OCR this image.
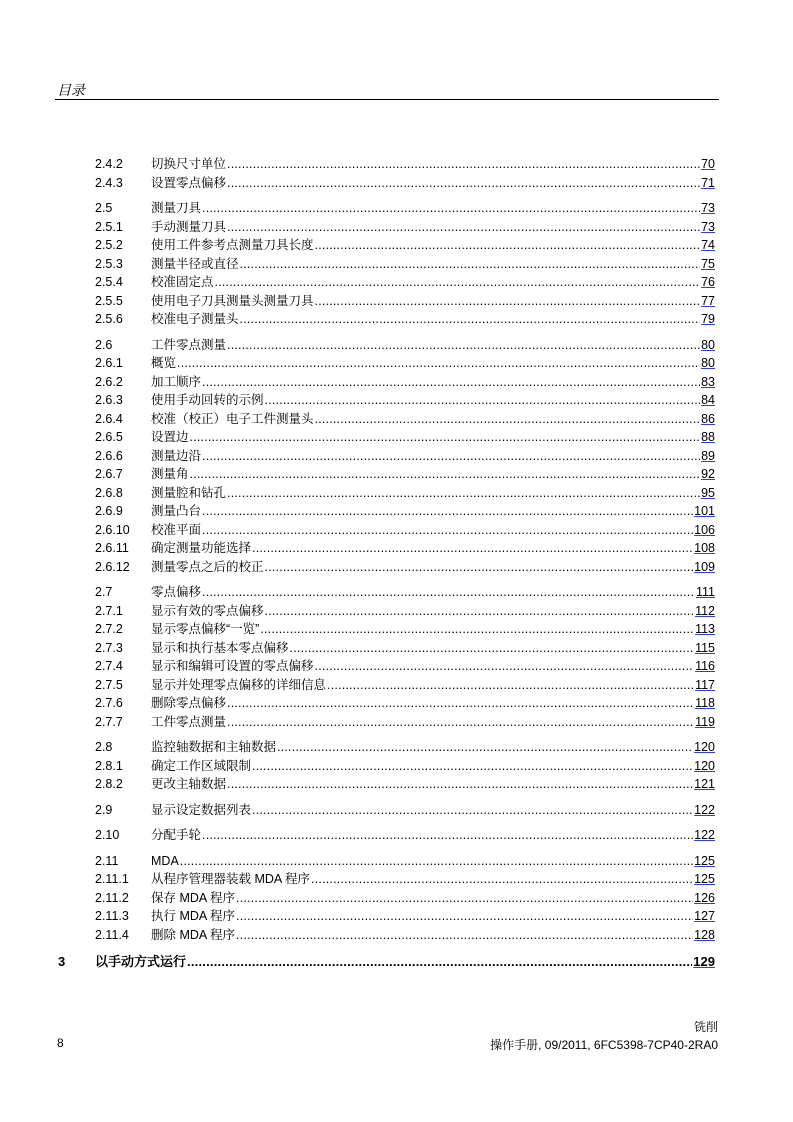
目录
2.4.2 切换尺寸单位 .....	70
2.4.3 设置零点偏移 .....	71
2.5	测量刀具 .....	73
2.5.1 手动测量刀具 .....	73
2.5.2 使用工件参考点测量刀具长度 .....	74
2.5.3 测量半径或直径 .....	75
2.5.4 校准固定点 .....	76
2.5.5 使用电子刀具测量头测量刀具 .....	77
2.5.6 校准电子测量头 .....	79
2.6	工件零点测量 .....	80
2.6.1 概览 .....	80
2.6.2 加工顺序 .....	83
2.6.3 使用手动回转的示例 .....	84
2.6.4 校准（校正）电子工件测量头 .....	86
2.6.5 设置边 .....	88
2.6.6 测量边沿 .....	89
2.6.7 测量角 .....	92
2.6.8 测量腔和钻孔 .....	95
2.6.9 测量凸台 .....	101
2.6.10 校准平面 .....	106
2.6.11 确定测量功能选择 .....	108
2.6.12 测量零点之后的校正 .....	109
2.7	零点偏移 .....	111
2.7.1 显示有效的零点偏移 .....	112
2.7.2 显示零点偏移“一览” .....	113
2.7.3 显示和执行基本零点偏移 .....	115
2.7.4 显示和编辑可设置的零点偏移 .....	116
2.7.5 显示并处理零点偏移的详细信息 .....	117
2.7.6 删除零点偏移 .....	118
2.7.7 工件零点测量 .....	119
2.8	监控轴数据和主轴数据 .....	120
2.8.1 确定工作区域限制 .....	120
2.8.2 更改主轴数据 .....	121
2.9	显示设定数据列表 .....	122
2.10	分配手轮 .....	122
2.11	MDA .....	125
2.11.1 从程序管理器装载 MDA 程序 .....	125
2.11.2 保存 MDA 程序 .....	126
2.11.3 执行 MDA 程序 .....	127
2.11.4 删除 MDA 程序 .....	128
3 以手动方式运行 .....	129
铣削
8	操作手册, 09/2011, 6FC5398-7CP40-2RA0
